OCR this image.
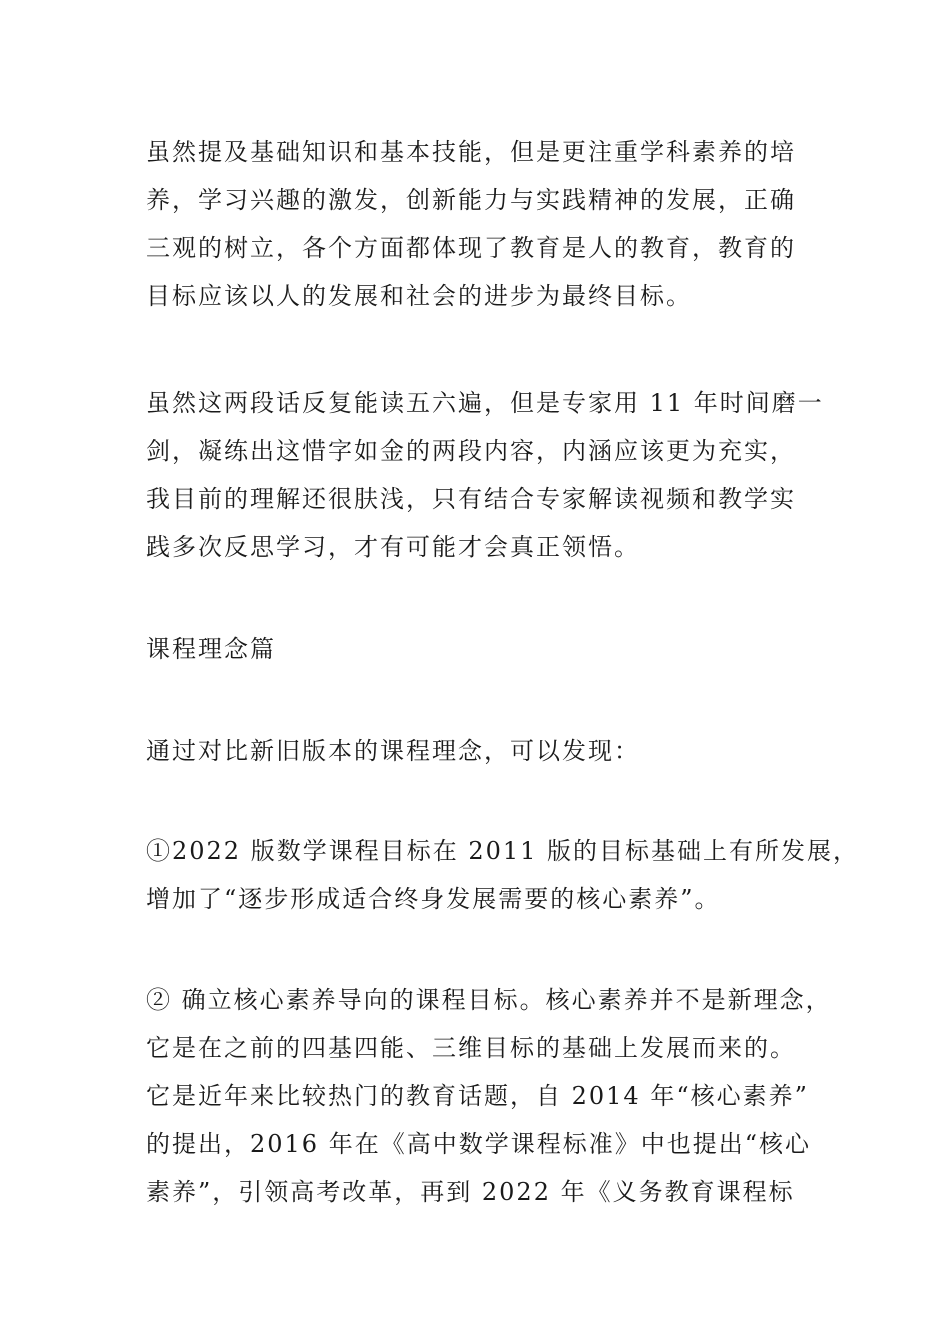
虽然提及基础知识和基本技能，但是更注重学科素养的培
养，学习兴趣的激发，创新能力与实践精神的发展，正确
三观的树立，各个方面都体现了教育是人的教育，教育的
目标应该以人的发展和社会的进步为最终目标。

虽然这两段话反复能读五六遍，但是专家用 11 年时间磨一
剑，凝练出这惜字如金的两段内容，内涵应该更为充实，
我目前的理解还很肤浅，只有结合专家解读视频和教学实
践多次反思学习，才有可能才会真正领悟。

课程理念篇

通过对比新旧版本的课程理念，可以发现：

①2022 版数学课程目标在 2011 版的目标基础上有所发展，
增加了“逐步形成适合终身发展需要的核心素养”。

② 确立核心素养导向的课程目标。核心素养并不是新理念，
它是在之前的四基四能、三维目标的基础上发展而来的。
它是近年来比较热门的教育话题，自 2014 年“核心素养”
的提出，2016 年在《高中数学课程标准》中也提出“核心
素养”，引领高考改革，再到 2022 年《义务教育课程标
